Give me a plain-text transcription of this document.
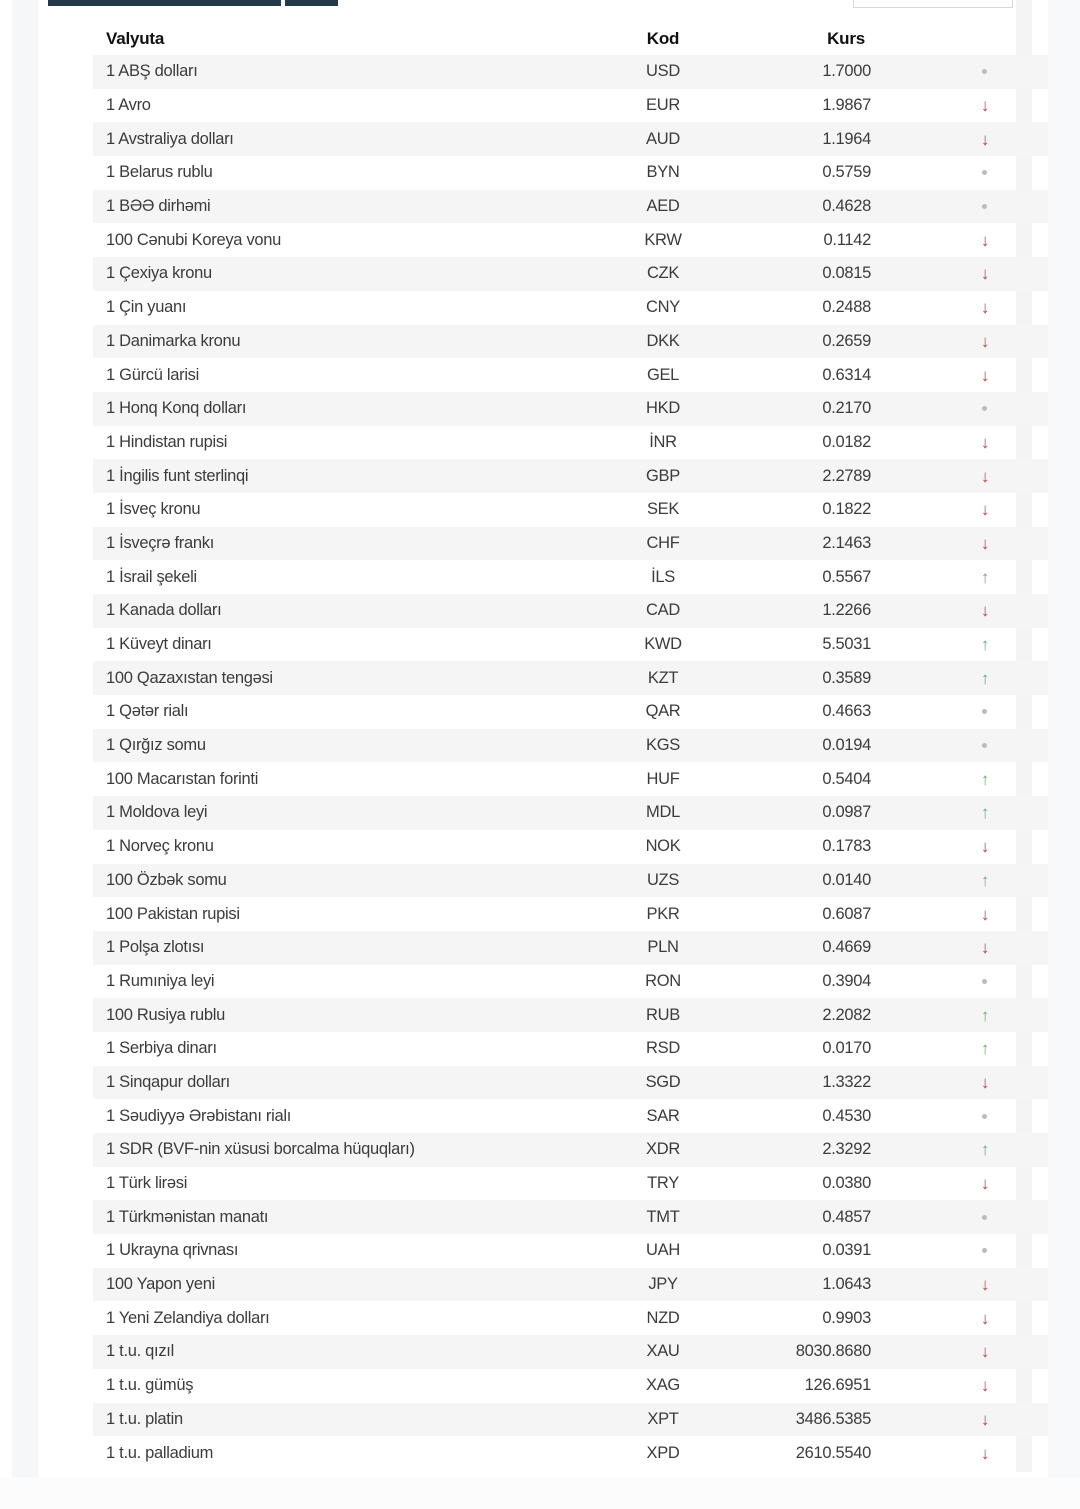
Valyuta	Kod	Kurs
1 ABŞ dolları	USD	1.7000
1 Avro	EUR	1.9867	↓
1 Avstraliya dolları	AUD	1.1964	↓
1 Belarus rublu	BYN	0.5759
1 BƏƏ dirhəmi	AED	0.4628
100 Cənubi Koreya vonu	KRW	0.1142	↓
1 Çexiya kronu	CZK	0.0815	↓
1 Çin yuanı	CNY	0.2488	↓
1 Danimarka kronu	DKK	0.2659	↓
1 Gürcü larisi	GEL	0.6314	↓
1 Honq Konq dolları	HKD	0.2170
1 Hindistan rupisi	İNR	0.0182	↓
1 İngilis funt sterlinqi	GBP	2.2789	↓
1 İsveç kronu	SEK	0.1822	↓
1 İsveçrə frankı	CHF	2.1463	↓
1 İsrail şekeli	İLS	0.5567	↑
1 Kanada dolları	CAD	1.2266	↓
1 Küveyt dinarı	KWD	5.5031	↑
100 Qazaxıstan tengəsi	KZT	0.3589	↑
1 Qətər rialı	QAR	0.4663
1 Qırğız somu	KGS	0.0194
100 Macarıstan forinti	HUF	0.5404	↑
1 Moldova leyi	MDL	0.0987	↑
1 Norveç kronu	NOK	0.1783	↓
100 Özbək somu	UZS	0.0140	↑
100 Pakistan rupisi	PKR	0.6087	↓
1 Polşa zlotısı	PLN	0.4669	↓
1 Rumıniya leyi	RON	0.3904
100 Rusiya rublu	RUB	2.2082	↑
1 Serbiya dinarı	RSD	0.0170	↑
1 Sinqapur dolları	SGD	1.3322	↓
1 Səudiyyə Ərəbistanı rialı	SAR	0.4530
1 SDR (BVF-nin xüsusi borcalma hüquqları)	XDR	2.3292	↑
1 Türk lirəsi	TRY	0.0380	↓
1 Türkmənistan manatı	TMT	0.4857
1 Ukrayna qrivnası	UAH	0.0391
100 Yapon yeni	JPY	1.0643	↓
1 Yeni Zelandiya dolları	NZD	0.9903	↓
1 t.u. qızıl	XAU	8030.8680	↓
1 t.u. gümüş	XAG	126.6951	↓
1 t.u. platin	XPT	3486.5385	↓
1 t.u. palladium	XPD	2610.5540	↓
